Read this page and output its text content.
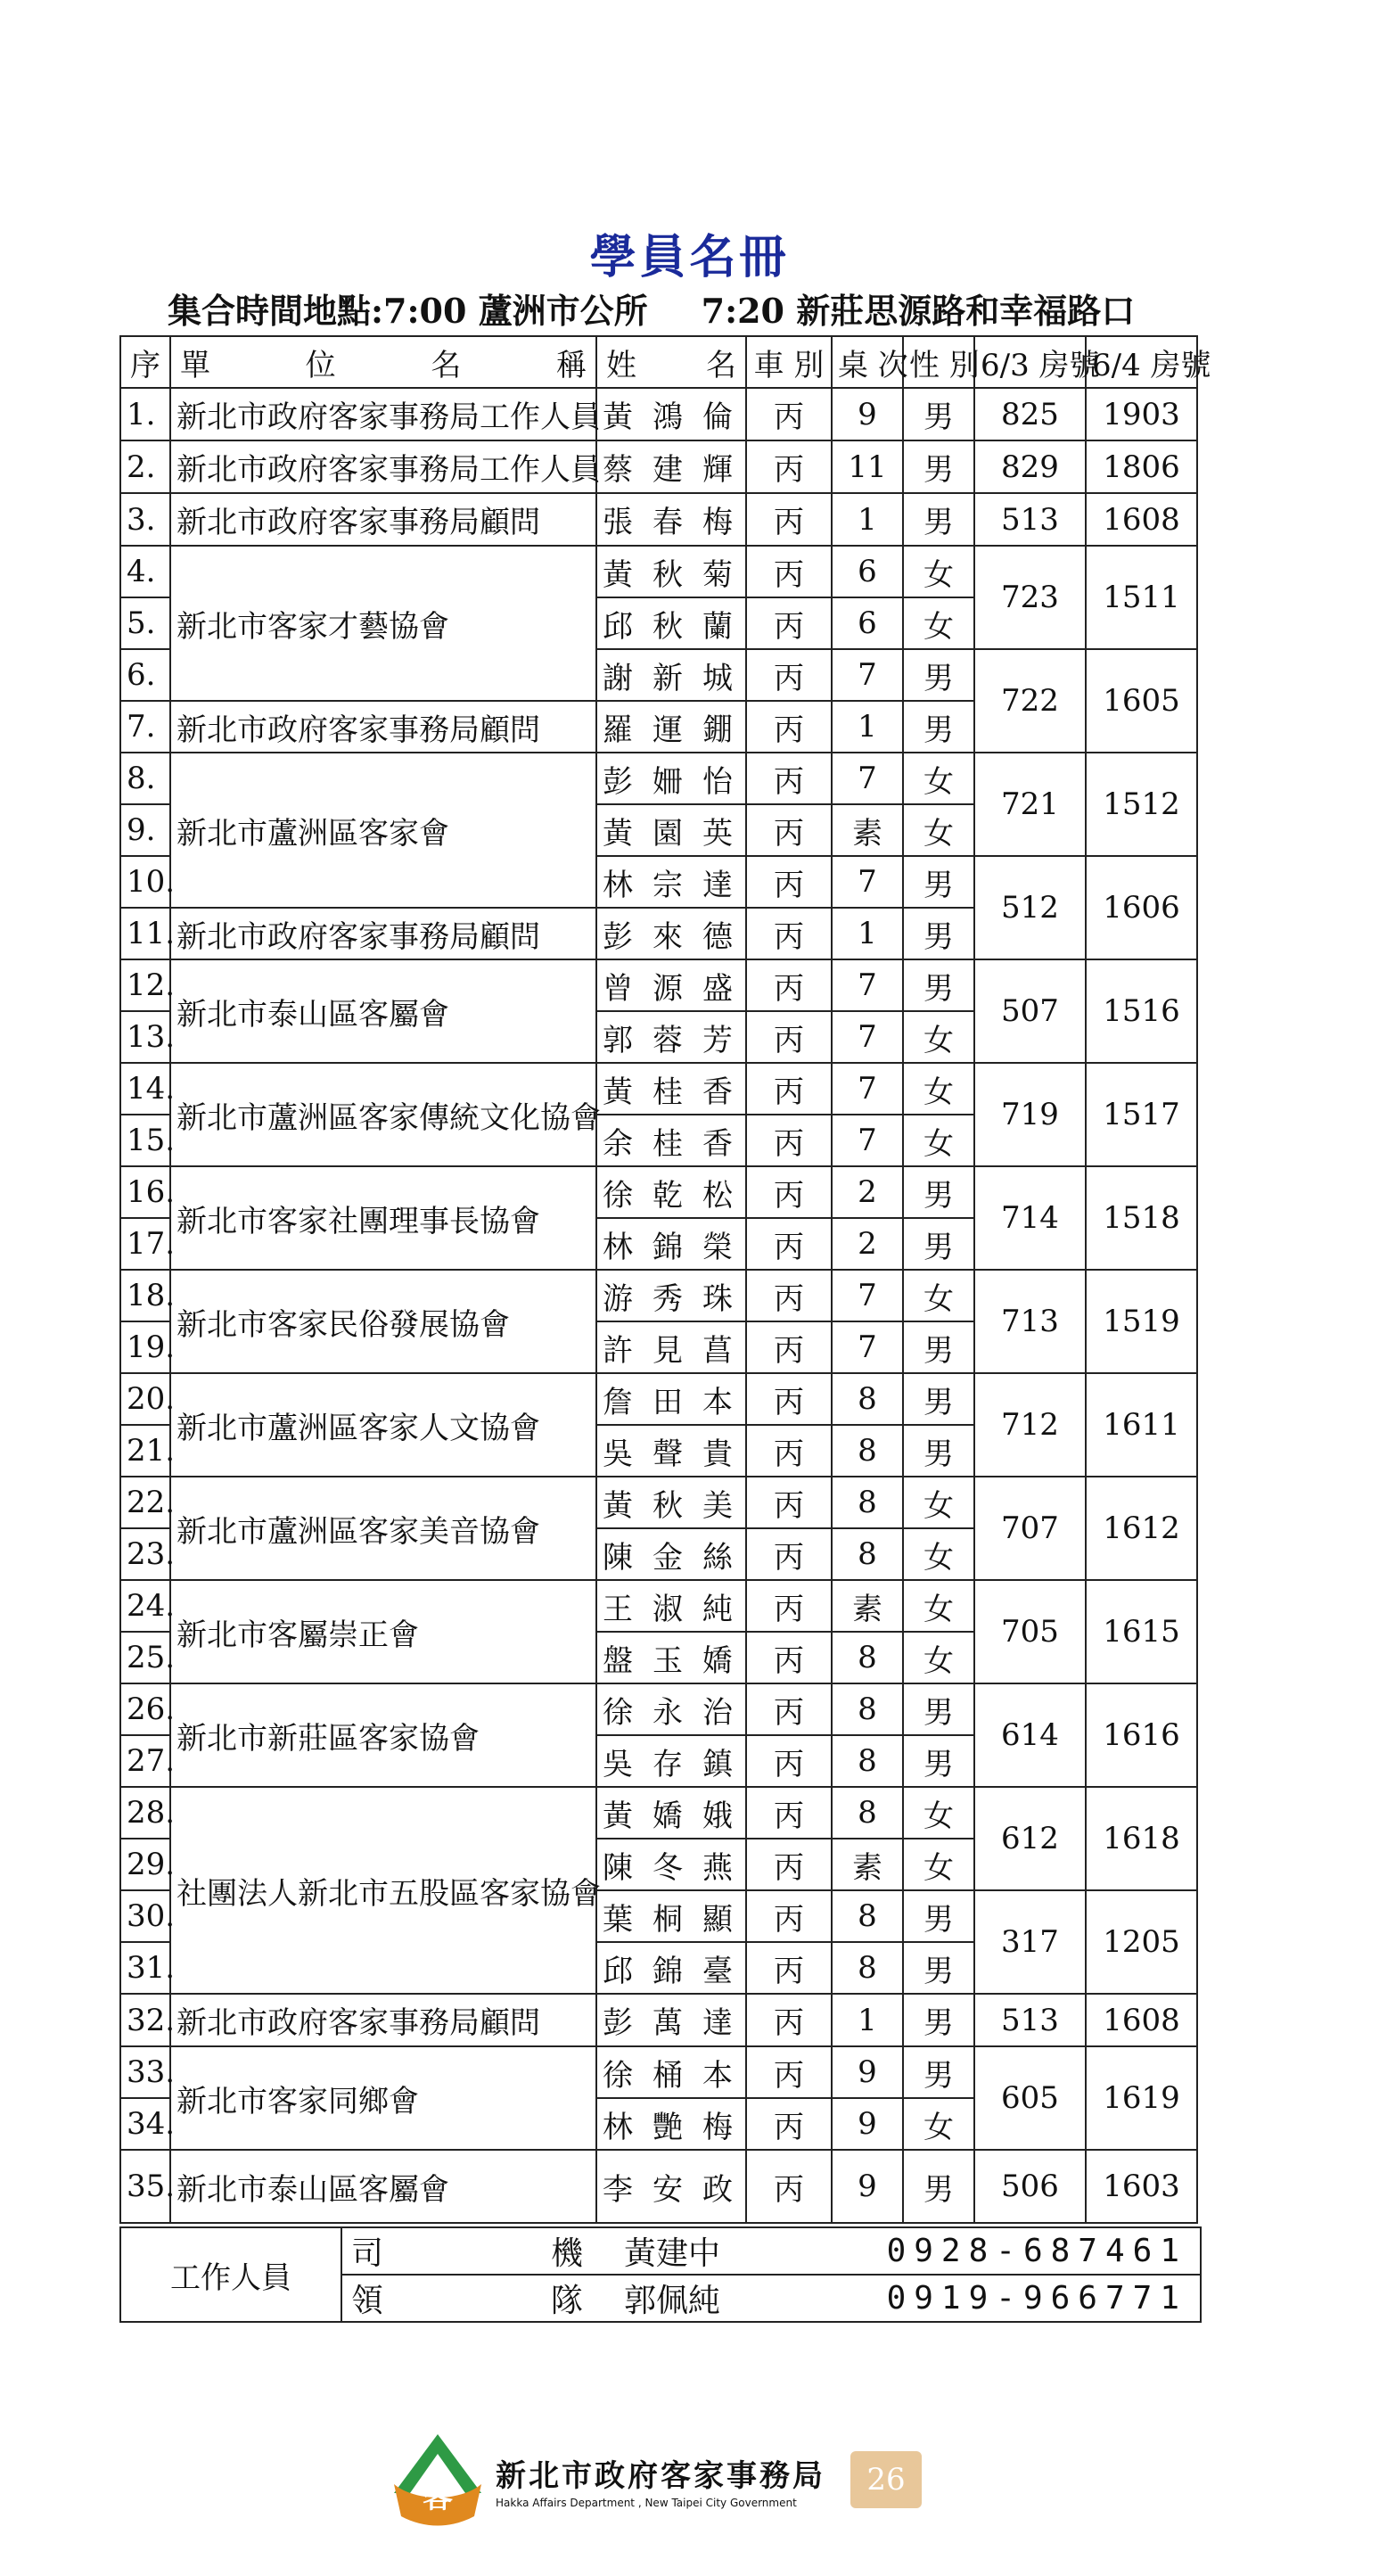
學員名冊
集合時間地點:7:00 蘆洲市公所 7:20 新莊思源路和幸福路口
序	單 位 名 稱	姓 名	車 別	桌 次	性 別	6/3 房號	6/4 房號
1.	新北市政府客家事務局工作人員	黃鴻倫	丙	9	男	825	1903
2.	新北市政府客家事務局工作人員	蔡建輝	丙	11	男	829	1806
3.	新北市政府客家事務局顧問	張春梅	丙	1	男	513	1608
4.	新北市客家才藝協會	黃秋菊	丙	6	女	723	1511
5.		邱秋蘭	丙	6	女		
6.		謝新城	丙	7	男	722	1605
7.	新北市政府客家事務局顧問	羅運錋	丙	1	男		
8.	新北市蘆洲區客家會	彭姍怡	丙	7	女	721	1512
9.		黃園英	丙	素	女		
10.		林宗達	丙	7	男	512	1606
11.	新北市政府客家事務局顧問	彭來德	丙	1	男		
12.	新北市泰山區客屬會	曾源盛	丙	7	男	507	1516
13.		郭蓉芳	丙	7	女		
14.	新北市蘆洲區客家傳統文化協會	黃桂香	丙	7	女	719	1517
15.		余桂香	丙	7	女		
16.	新北市客家社團理事長協會	徐乾松	丙	2	男	714	1518
17.		林錦榮	丙	2	男		
18.	新北市客家民俗發展協會	游秀珠	丙	7	女	713	1519
19.		許見菖	丙	7	男		
20.	新北市蘆洲區客家人文協會	詹田本	丙	8	男	712	1611
21.		吳聲貴	丙	8	男		
22.	新北市蘆洲區客家美音協會	黃秋美	丙	8	女	707	1612
23.		陳金絲	丙	8	女		
24.	新北市客屬崇正會	王淑純	丙	素	女	705	1615
25.		盤玉嬌	丙	8	女		
26.	新北市新莊區客家協會	徐永治	丙	8	男	614	1616
27.		吳存鎮	丙	8	男		
28.	社團法人新北市五股區客家協會	黃嬌娥	丙	8	女	612	1618
29.		陳冬燕	丙	素	女		
30.		葉桐顯	丙	8	男	317	1205
31.		邱錦臺	丙	8	男		
32.	新北市政府客家事務局顧問	彭萬達	丙	1	男	513	1608
33.	新北市客家同鄉會	徐桶本	丙	9	男	605	1619
34.		林艷梅	丙	9	女		
35.	新北市泰山區客屬會	李安政	丙	9	男	506	1603
工作人員	
司	機	黃建中	0928-687461

領	隊	郭佩純	0919-966771
客
新北市政府客家事務局
Hakka Affairs Department , New Taipei City Government
26
